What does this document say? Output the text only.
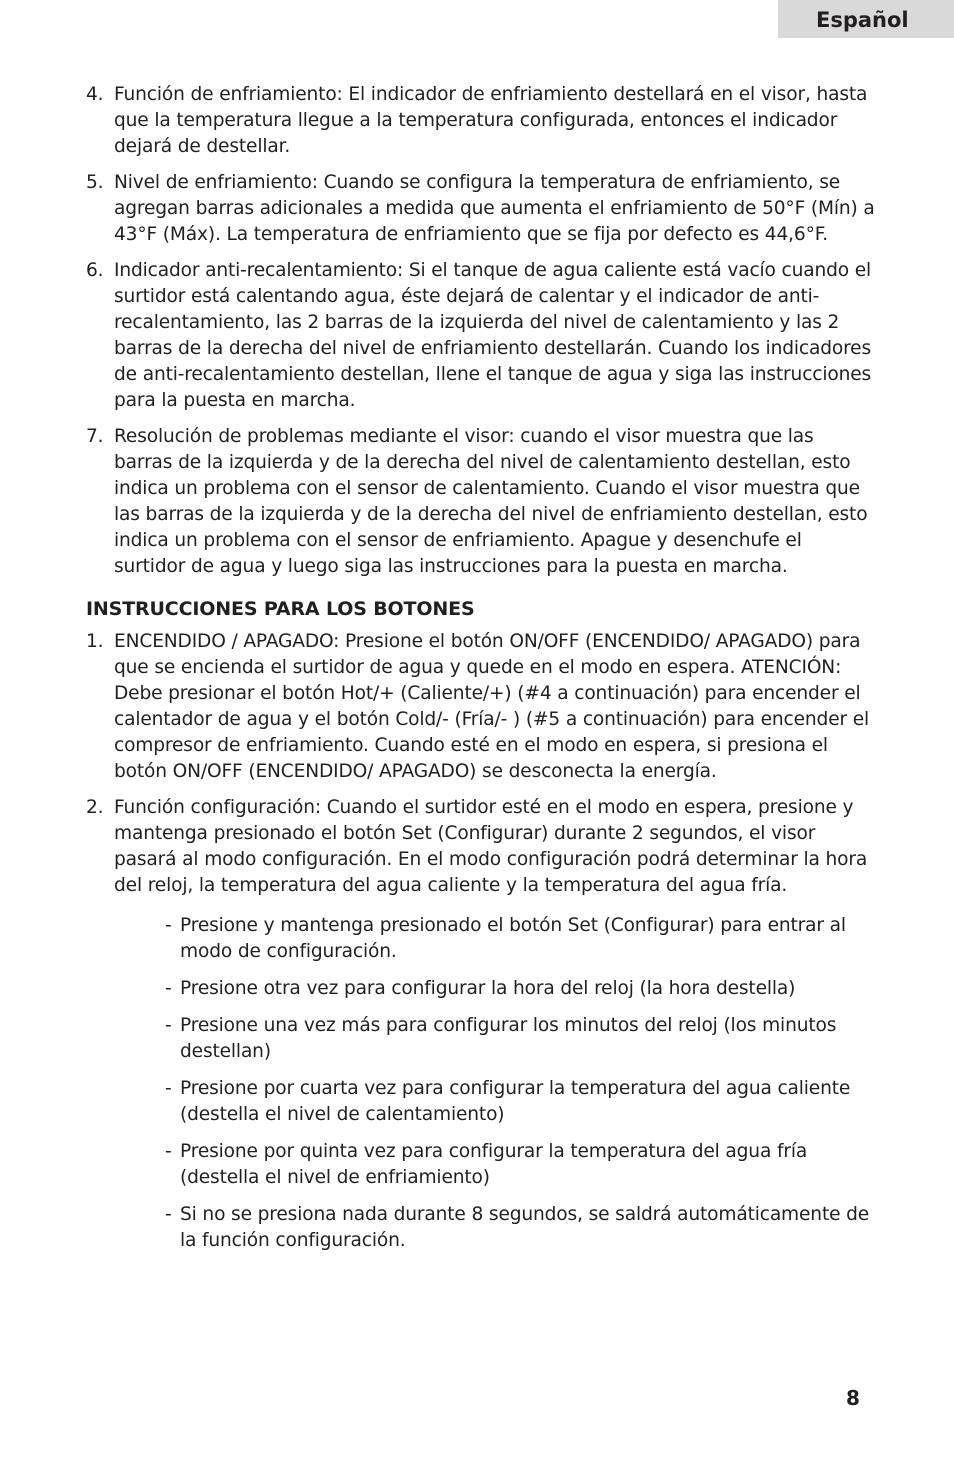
Español
4. Función de enfriamiento: El indicador de enfriamiento destellará en el visor, hasta que la temperatura llegue a la temperatura configurada, entonces el indicador dejará de destellar.
5. Nivel de enfriamiento: Cuando se configura la temperatura de enfriamiento, se agregan barras adicionales a medida que aumenta el enfriamiento de 50°F (Mín) a 43°F (Máx). La temperatura de enfriamiento que se fija por defecto es 44,6°F.
6. Indicador anti-recalentamiento: Si el tanque de agua caliente está vacío cuando el surtidor está calentando agua, éste dejará de calentar y el indicador de anti-recalentamiento, las 2 barras de la izquierda del nivel de calentamiento y las 2 barras de la derecha del nivel de enfriamiento destellarán. Cuando los indicadores de anti-recalentamiento destellan, llene el tanque de agua y siga las instrucciones para la puesta en marcha.
7. Resolución de problemas mediante el visor: cuando el visor muestra que las barras de la izquierda y de la derecha del nivel de calentamiento destellan, esto indica un problema con el sensor de calentamiento. Cuando el visor muestra que las barras de la izquierda y de la derecha del nivel de enfriamiento destellan, esto indica un problema con el sensor de enfriamiento. Apague y desenchufe el surtidor de agua y luego siga las instrucciones para la puesta en marcha.
INSTRUCCIONES PARA LOS BOTONES
1. ENCENDIDO / APAGADO: Presione el botón ON/OFF (ENCENDIDO/ APAGADO) para que se encienda el surtidor de agua y quede en el modo en espera. ATENCIÓN: Debe presionar el botón Hot/+ (Caliente/+) (#4 a continuación) para encender el calentador de agua y el botón Cold/- (Fría/- ) (#5 a continuación) para encender el compresor de enfriamiento. Cuando esté en el modo en espera, si presiona el botón ON/OFF (ENCENDIDO/ APAGADO) se desconecta la energía.
2. Función configuración: Cuando el surtidor esté en el modo en espera, presione y mantenga presionado el botón Set (Configurar) durante 2 segundos, el visor pasará al modo configuración. En el modo configuración podrá determinar la hora del reloj, la temperatura del agua caliente y la temperatura del agua fría.
- Presione y mantenga presionado el botón Set (Configurar) para entrar al modo de configuración.
- Presione otra vez para configurar la hora del reloj (la hora destella)
- Presione una vez más para configurar los minutos del reloj (los minutos destellan)
- Presione por cuarta vez para configurar la temperatura del agua caliente (destella el nivel de calentamiento)
- Presione por quinta vez para configurar la temperatura del agua fría (destella el nivel de enfriamiento)
- Si no se presiona nada durante 8 segundos, se saldrá automáticamente de la función configuración.
8
